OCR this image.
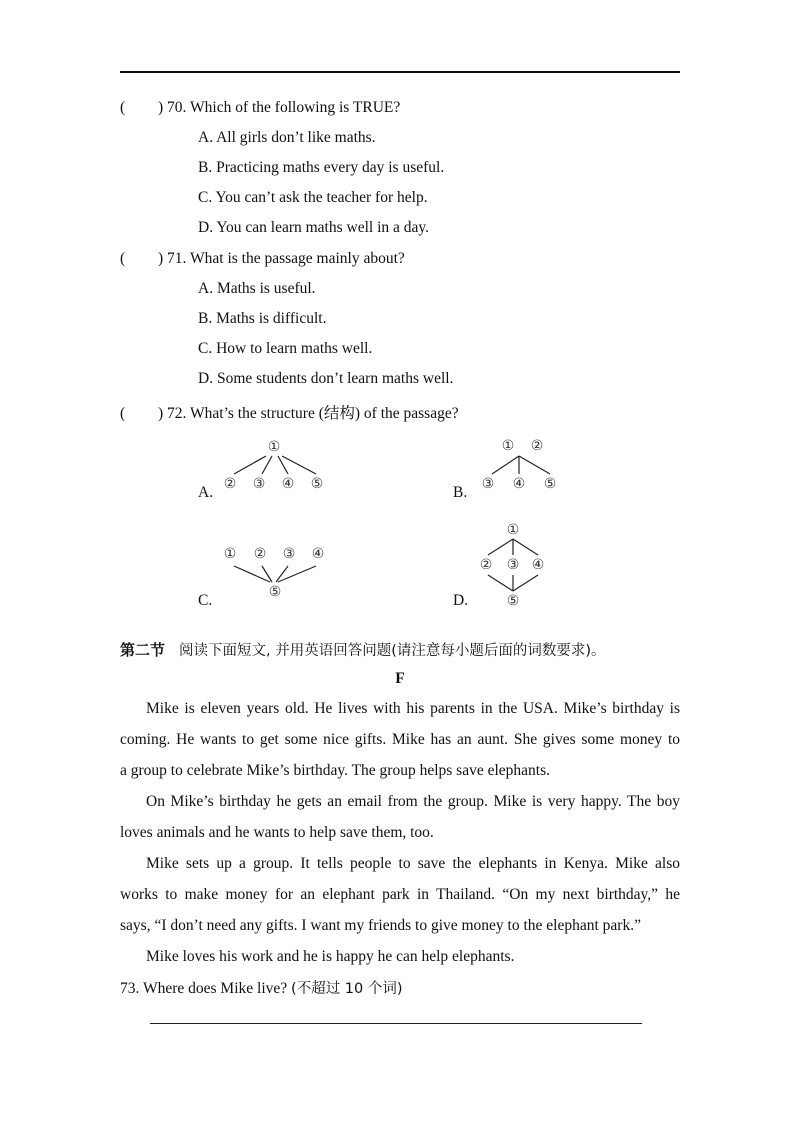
( ) 70. Which of the following is TRUE?
A. All girls don’t like maths.
B. Practicing maths every day is useful.
C. You can’t ask the teacher for help.
D. You can learn maths well in a day.
( ) 71. What is the passage mainly about?
A. Maths is useful.
B. Maths is difficult.
C. How to learn maths well.
D. Some students don’t learn maths well.
( ) 72. What’s the structure (结构) of the passage?
A.
①
② ③ ④ ⑤	B.
① ②
③ ④ ⑤
C.
① ② ③ ④
⑤	D.
①
② ③ ④
⑤
第二节 阅读下面短文, 并用英语回答问题(请注意每小题后面的词数要求)。
F
Mike is eleven years old. He lives with his parents in the USA. Mike’s birthday is
coming. He wants to get some nice gifts. Mike has an aunt. She gives some money to
a group to celebrate Mike’s birthday. The group helps save elephants.
On Mike’s birthday he gets an email from the group. Mike is very happy. The boy
loves animals and he wants to help save them, too.
Mike sets up a group. It tells people to save the elephants in Kenya. Mike also
works to make money for an elephant park in Thailand. “On my next birthday,” he
says, “I don’t need any gifts. I want my friends to give money to the elephant park.”
Mike loves his work and he is happy he can help elephants.
73. Where does Mike live? (不超过 10 个词)
